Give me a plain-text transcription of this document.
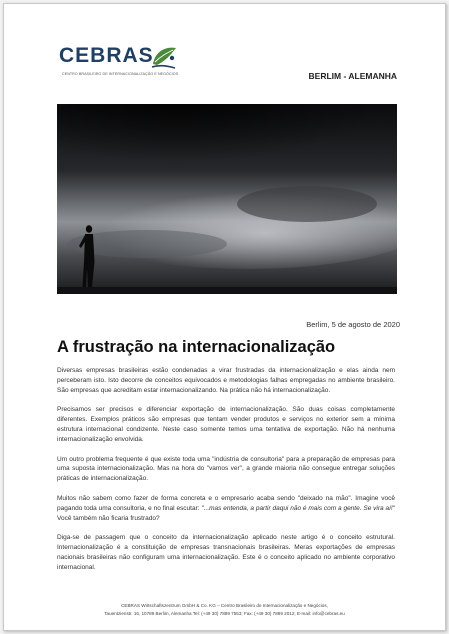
CEBRAS
CENTRO BRASILEIRO DE INTERNACIONALIZAÇÃO E NEGÓCIOS	BERLIM - ALEMANHA
Berlim, 5 de agosto de 2020
A frustração na internacionalização

Diversas empresas brasileiras estão condenadas a virar frustradas da internacionalização e elas ainda nem perceberam isto. Isto decorre de conceitos equivocados e metodologias falhas empregadas no ambiente brasileiro. São empresas que acreditam estar internacionalizando. Na prática não há internacionalização.

Precisamos ser precisos e diferenciar exportação de internacionalização. São duas coisas completamente diferentes. Exemplos práticos são empresas que tentam vender produtos e serviços no exterior sem a mínima estrutura internacional condizente. Neste caso somente temos uma tentativa de exportação. Não há nenhuma internacionalização envolvida.

Um outro problema frequente é que existe toda uma "indústria de consultoria" para a preparação de empresas para uma suposta internacionalização. Mas na hora do "vamos ver", a grande maioria não consegue entregar soluções práticas de internacionalização.

Muitos não sabem como fazer de forma concreta e o empresario acaba sendo "deixado na mão". Imagine você pagando toda uma consultoria, e no final escutar: "...mas entenda, a partir daqui não é mais com a gente. Se vira aí!" Você também não ficaria frustrado?

Diga-se de passagem que o conceito da internacionalização aplicado neste artigo é o conceito estrutural. Internacionalização é a constituição de empresas transnacionais brasileiras. Meras exportações de empresas nacionais brasileiras não configuram uma internacionalização. Este é o conceito aplicado no ambiente corporativo internacional.

CEBRAS Wirtschaftszentrum GmbH & Co. KG – Centro Brasileiro de Internacionalização e Negócios,
Tauentzienstr. 16, 10789 Berlim, Alemanha Tel: (+49 30) 7889 7553; Fax: (+49 30) 7889 2012; E-mail: info@cebras.eu
